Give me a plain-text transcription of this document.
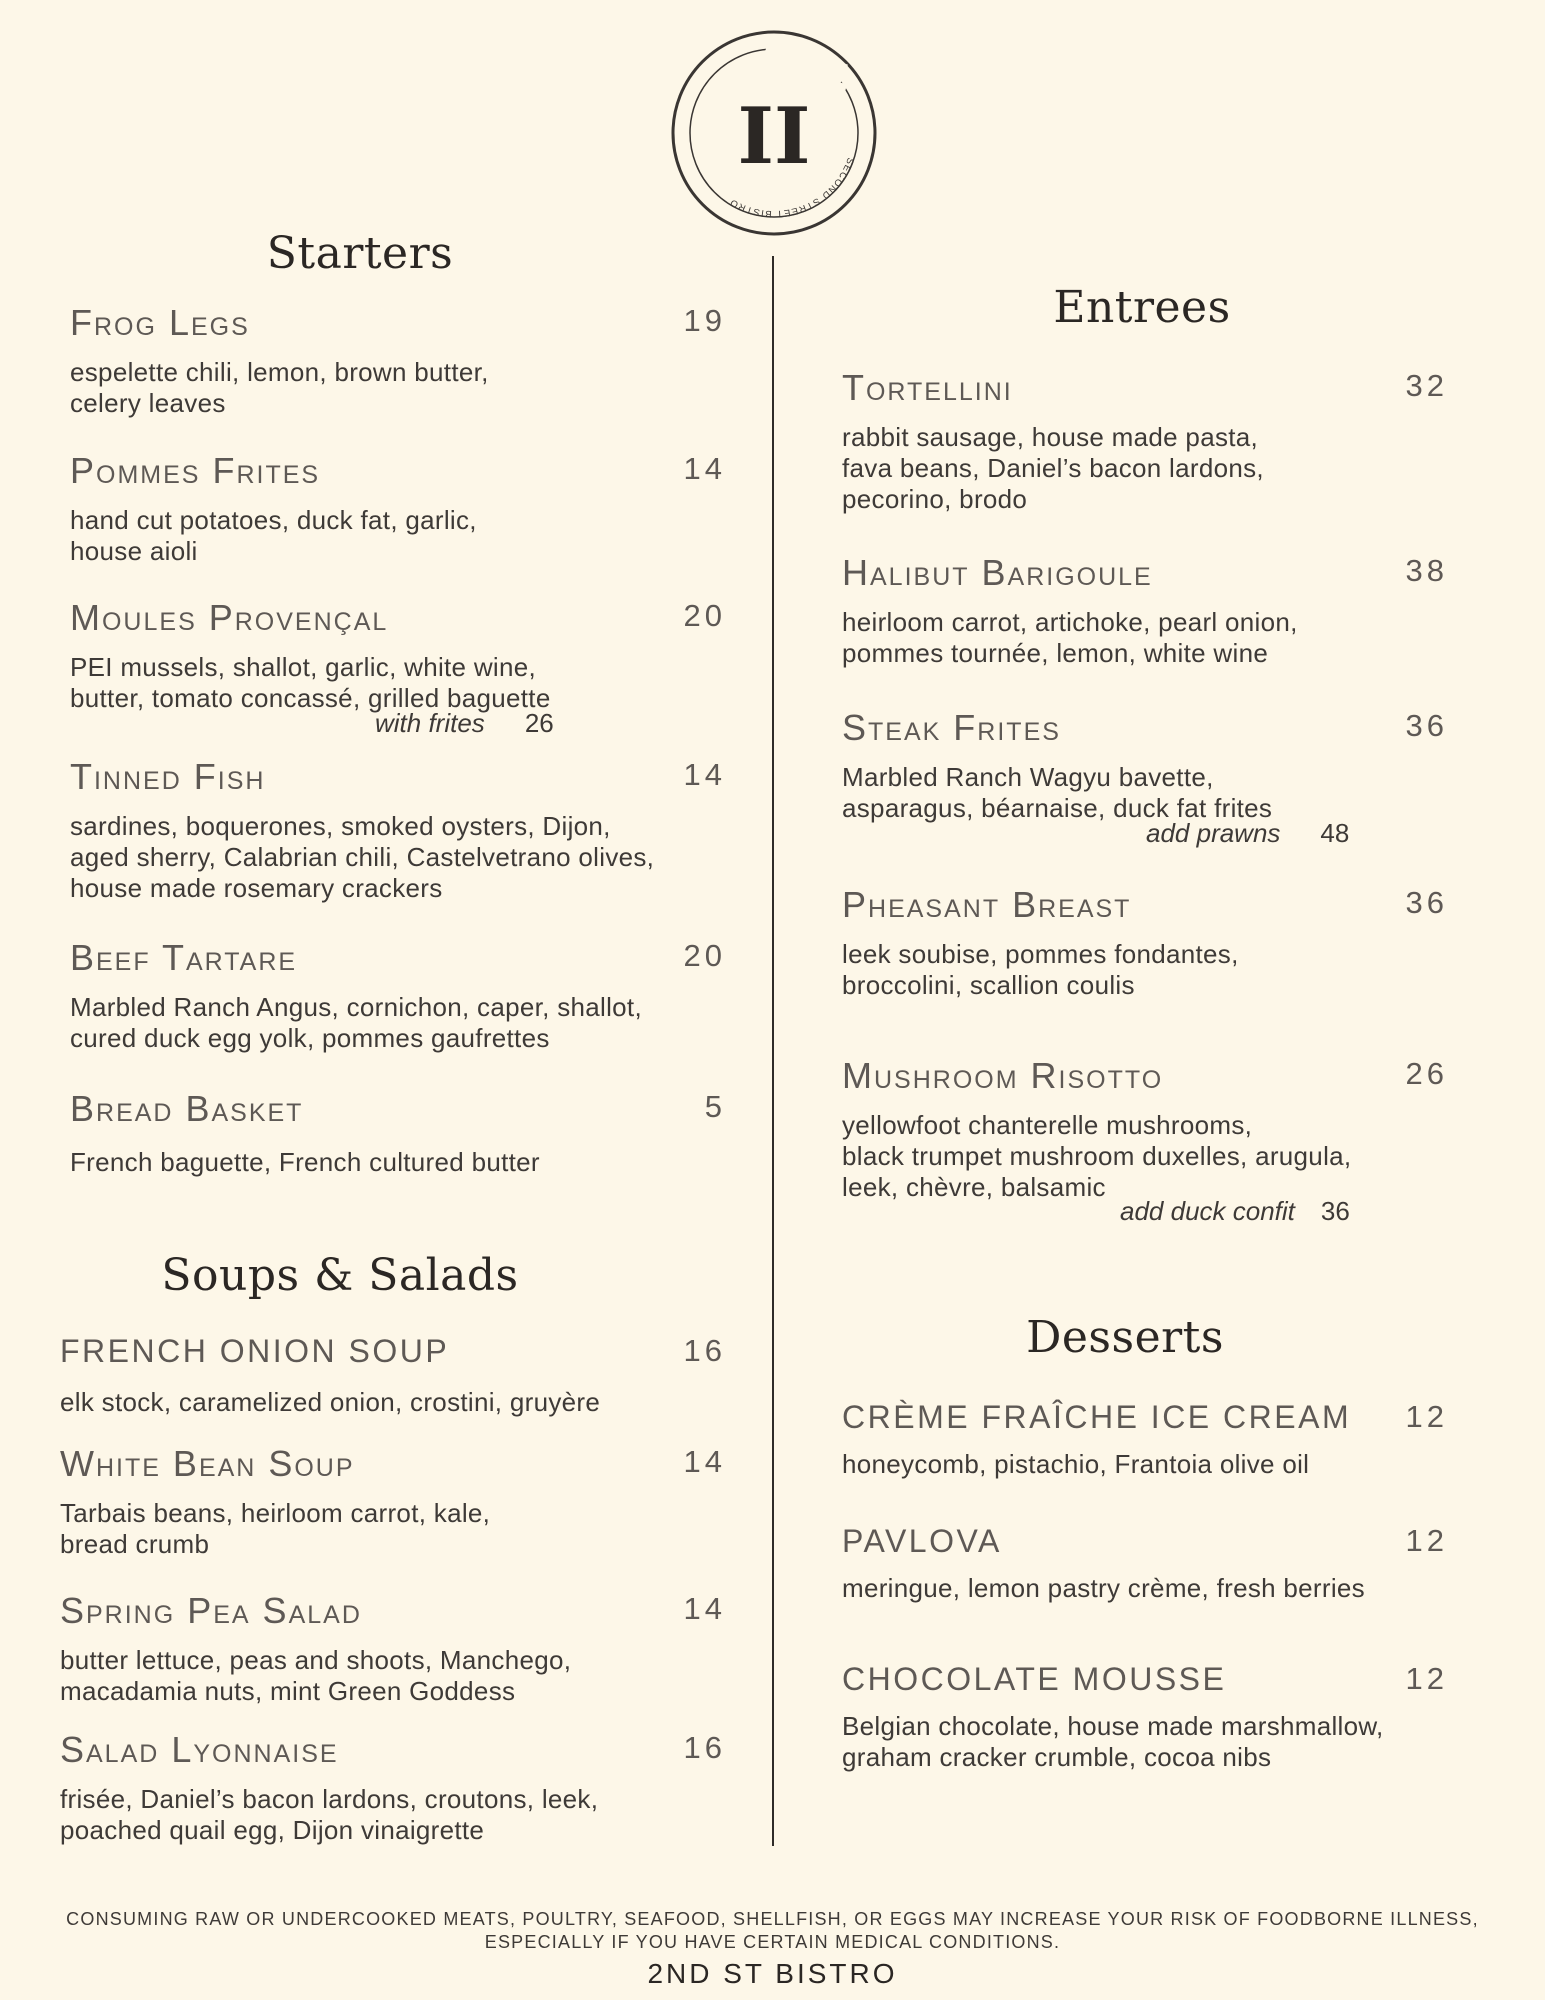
SECOND STREET BISTRO
II
Starters
Frog Legs	19
espelette chili, lemon, brown butter,
celery leaves
Pommes Frites	14
hand cut potatoes, duck fat, garlic,
house aioli
Moules Provençal	20
PEI mussels, shallot, garlic, white wine,
butter, tomato concassé, grilled baguette
with frites 26
Tinned Fish	14
sardines, boquerones, smoked oysters, Dijon,
aged sherry, Calabrian chili, Castelvetrano olives,
house made rosemary crackers
Beef Tartare	20
Marbled Ranch Angus, cornichon, caper, shallot,
cured duck egg yolk, pommes gaufrettes
Bread Basket	5
French baguette, French cultured butter
Soups & Salads
FRENCH ONION SOUP	16
elk stock, caramelized onion, crostini, gruyère
White Bean Soup	14
Tarbais beans, heirloom carrot, kale,
bread crumb
Spring Pea Salad	14
butter lettuce, peas and shoots, Manchego,
macadamia nuts, mint Green Goddess
Salad Lyonnaise	16
frisée, Daniel’s bacon lardons, croutons, leek,
poached quail egg, Dijon vinaigrette
Entrees
Tortellini	32
rabbit sausage, house made pasta,
fava beans, Daniel’s bacon lardons,
pecorino, brodo
Halibut Barigoule	38
heirloom carrot, artichoke, pearl onion,
pommes tournée, lemon, white wine
Steak Frites	36
Marbled Ranch Wagyu bavette,
asparagus, béarnaise, duck fat frites
add prawns 48
Pheasant Breast	36
leek soubise, pommes fondantes,
broccolini, scallion coulis
Mushroom Risotto	26
yellowfoot chanterelle mushrooms,
black trumpet mushroom duxelles, arugula,
leek, chèvre, balsamic
add duck confit 36
Desserts
CRÈME FRAÎCHE ICE CREAM	12
honeycomb, pistachio, Frantoia olive oil
PAVLOVA	12
meringue, lemon pastry crème, fresh berries
CHOCOLATE MOUSSE	12
Belgian chocolate, house made marshmallow,
graham cracker crumble, cocoa nibs
CONSUMING RAW OR UNDERCOOKED MEATS, POULTRY, SEAFOOD, SHELLFISH, OR EGGS MAY INCREASE YOUR RISK OF FOODBORNE ILLNESS,
ESPECIALLY IF YOU HAVE CERTAIN MEDICAL CONDITIONS.
2ND ST BISTRO
